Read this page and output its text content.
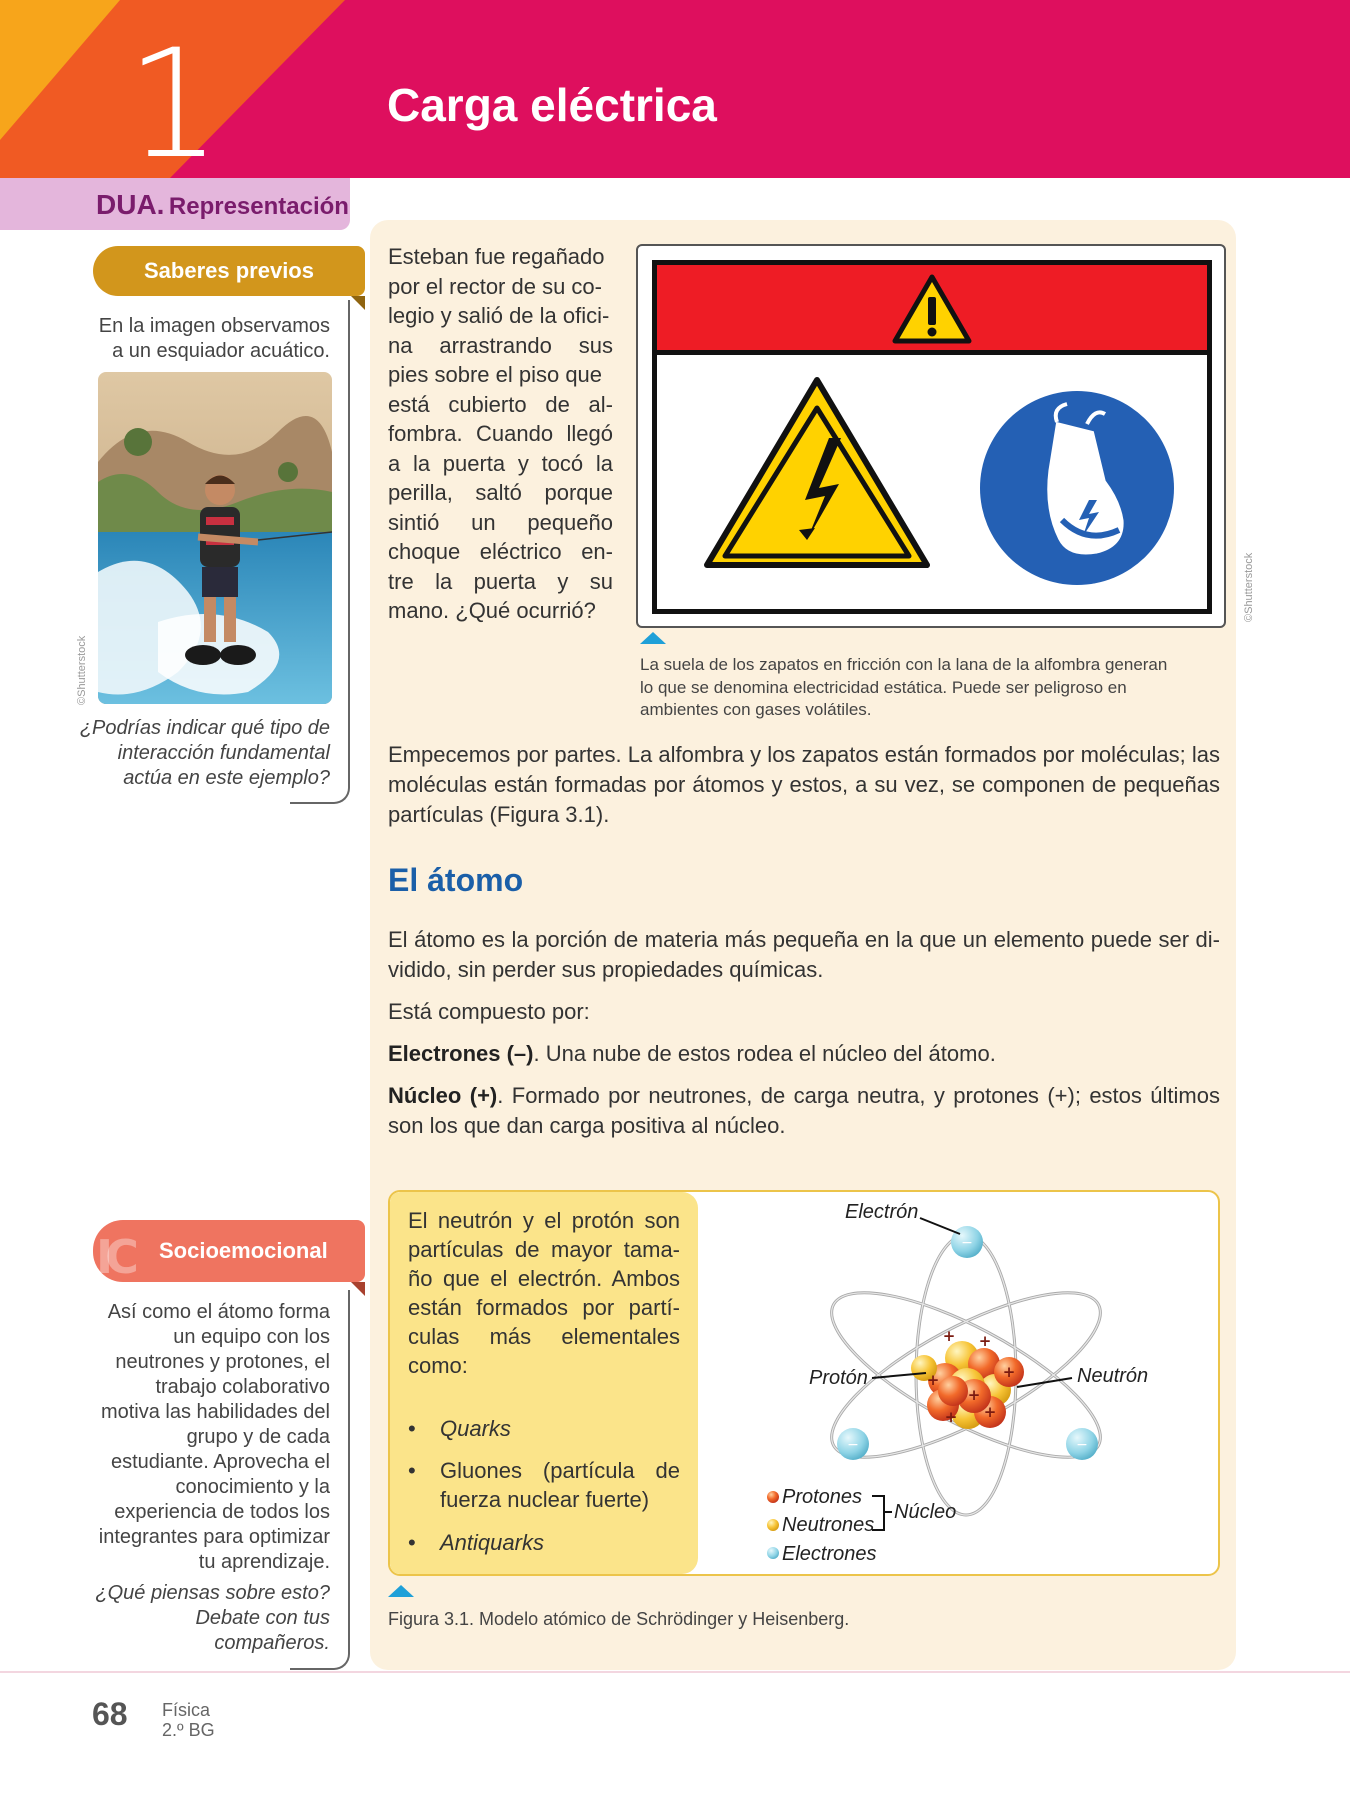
1	Carga eléctrica
DUA. Representación
Saberes previos
En la imagen observamos
a un esquiador acuático.
©Shutterstock
¿Podrías indicar qué tipo de
interacción fundamental
actúa en este ejemplo?
Socioemocional
IC
Así como el átomo forma
un equipo con los
neutrones y protones, el
trabajo colaborativo
motiva las habilidades del
grupo y de cada
estudiante. Aprovecha el
conocimiento y la
experiencia de todos los
integrantes para optimizar
tu aprendizaje.
¿Qué piensas sobre esto?
Debate con tus
compañeros.
Esteban fue regañado
por el rector de su co-
legio y salió de la ofici-
na arrastrando sus
pies sobre el piso que
está cubierto de al-
fombra. Cuando llegó
a la puerta y tocó la
perilla, saltó porque
sintió un pequeño
choque eléctrico en-
tre la puerta y su
mano. ¿Qué ocurrió?	©Shutterstock
La suela de los zapatos en fricción con la lana de la alfombra generan
lo que se denomina electricidad estática. Puede ser peligroso en
ambientes con gases volátiles.
Empecemos por partes. La alfombra y los zapatos están formados por moléculas; las
moléculas están formadas por átomos y estos, a su vez, se componen de pequeñas
partículas (Figura 3.1).
El átomo
El átomo es la porción de materia más pequeña en la que un elemento puede ser di-
vidido, sin perder sus propiedades químicas.
Está compuesto por:
Electrones (–). Una nube de estos rodea el núcleo del átomo.
Núcleo (+). Formado por neutrones, de carga neutra, y protones (+); estos últimos
son los que dan carga positiva al núcleo.
El neutrón y el protón son
partículas de mayor tama-
ño que el electrón. Ambos
están formados por partí-
culas más elementales
como:
• Quarks
• Gluones (partícula de
fuerza nuclear fuerte)
• Antiquarks
+ +
+
+
+
+
+
−
−	−
Electrón
Protón	Neutrón
Protones
Neutrones
Electrones
Núcleo
Figura 3.1. Modelo atómico de Schrödinger y Heisenberg.
68 Física
2.º BG
